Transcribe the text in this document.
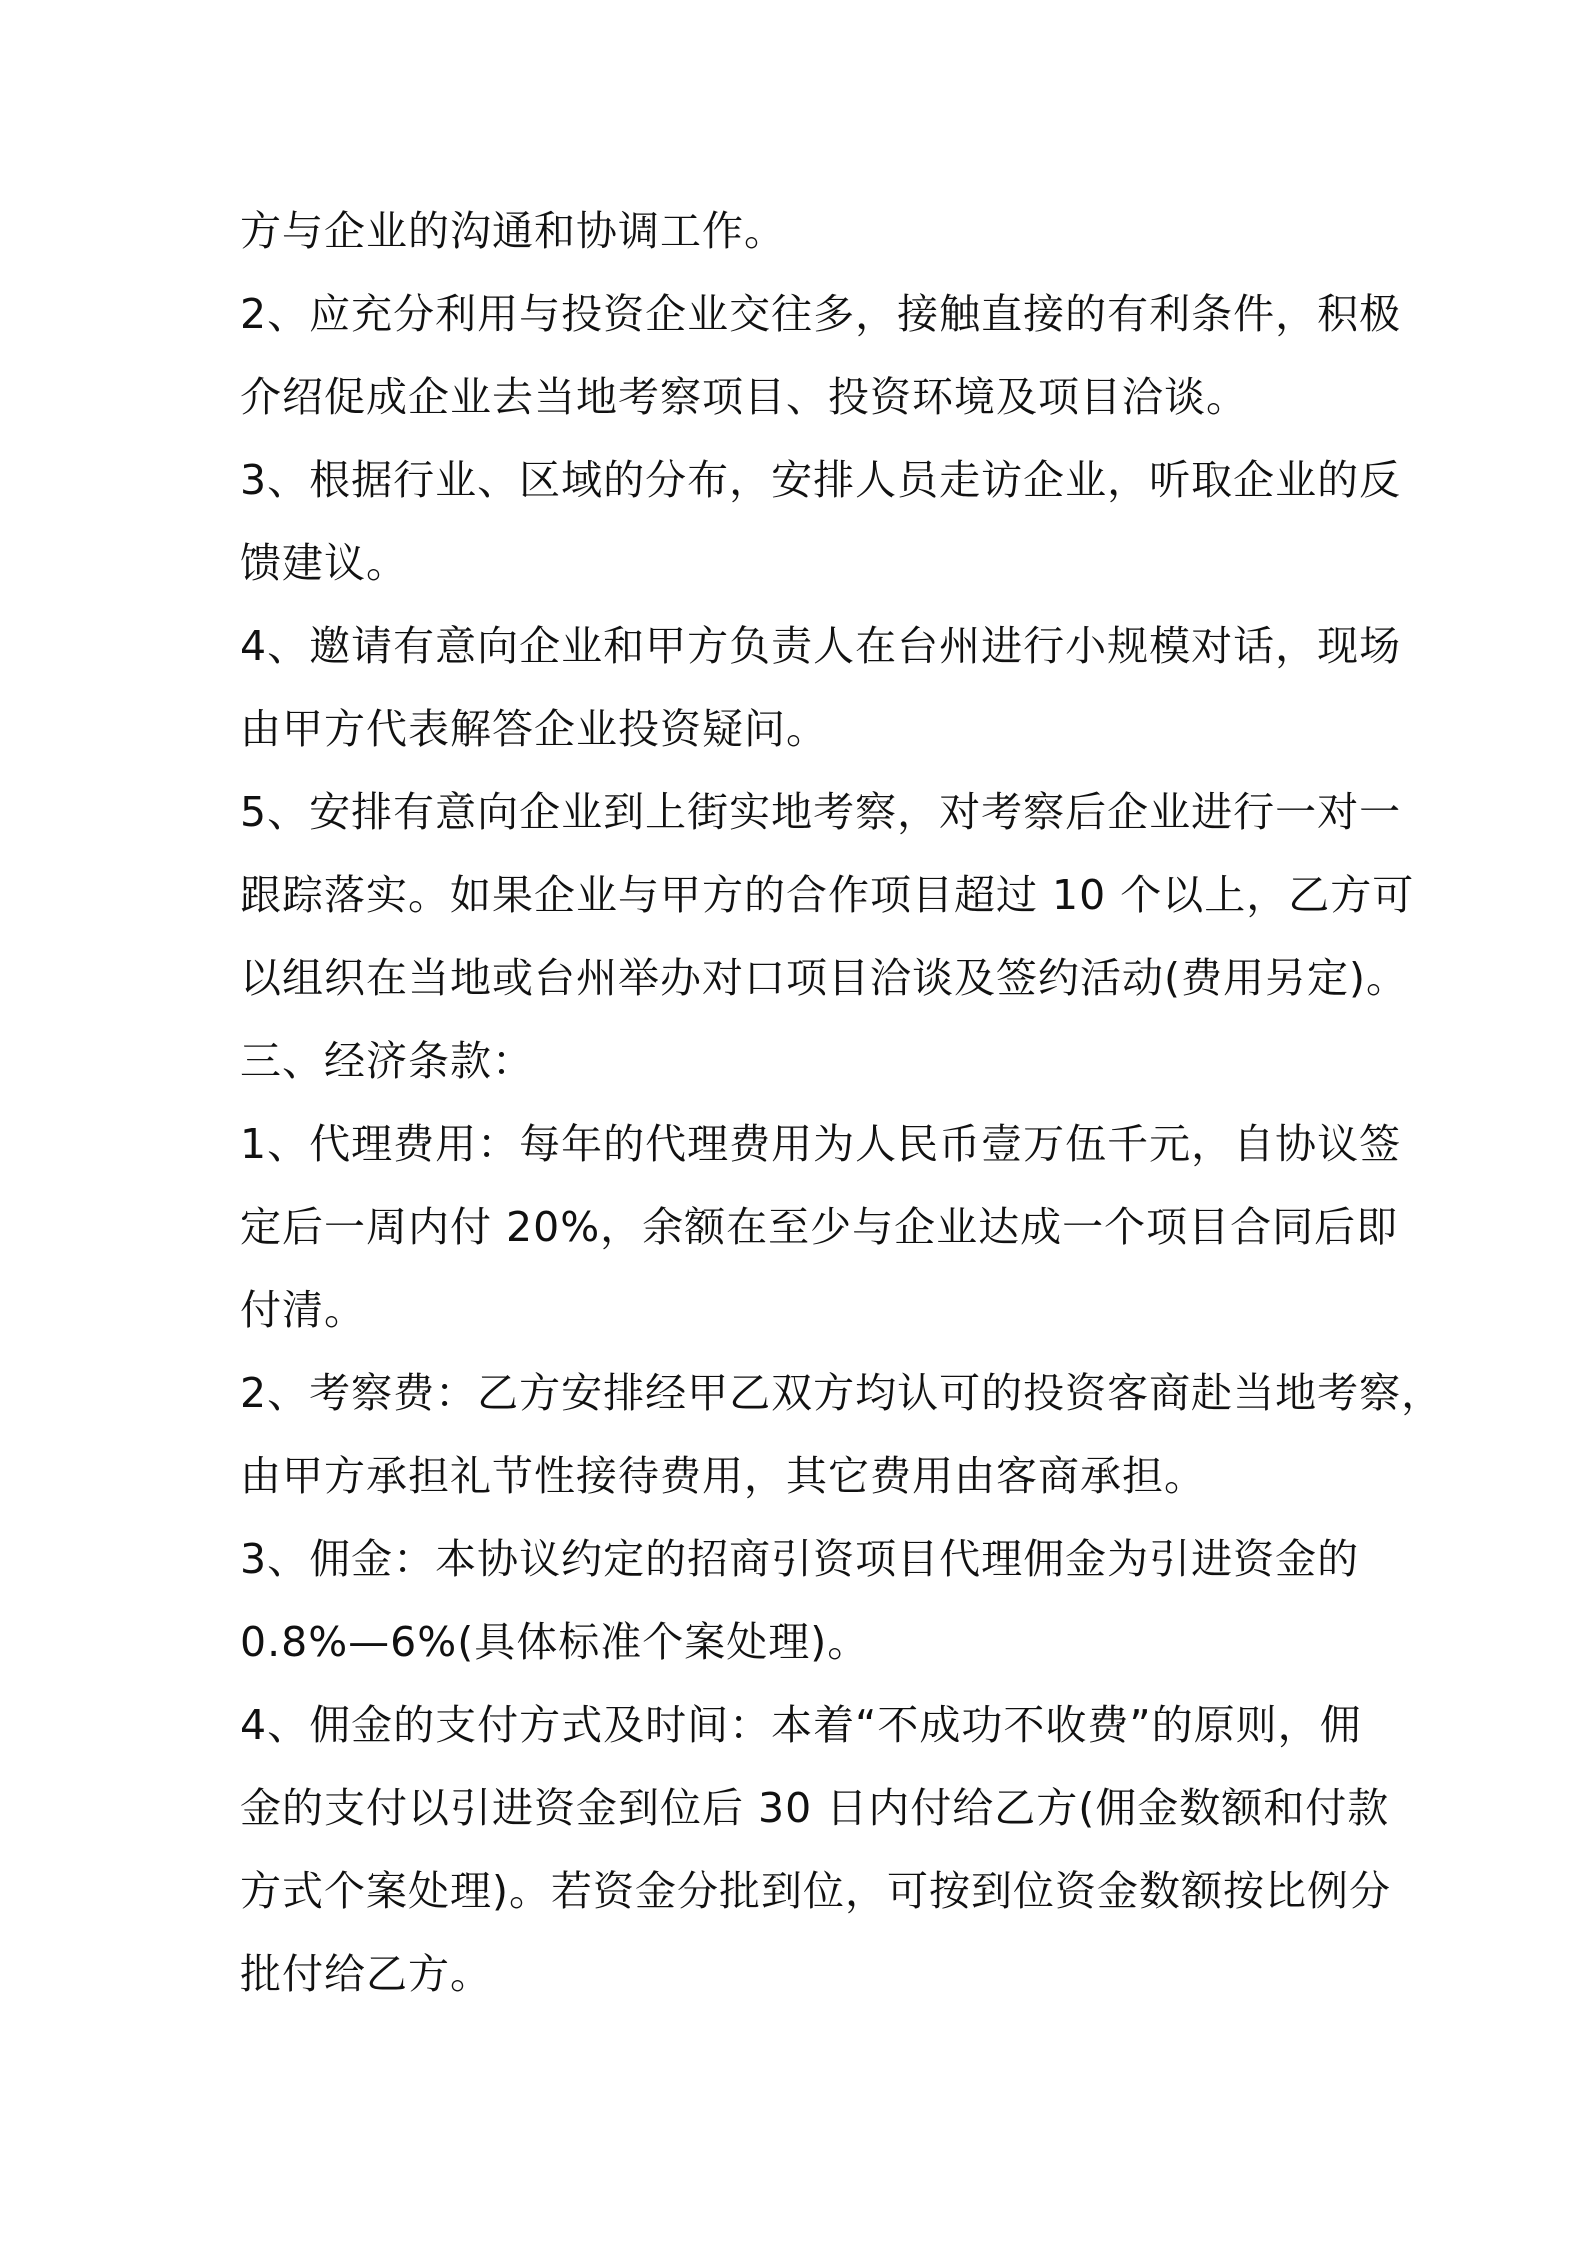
方与企业的沟通和协调工作。
2、应充分利用与投资企业交往多，接触直接的有利条件，积极
介绍促成企业去当地考察项目、投资环境及项目洽谈。
3、根据行业、区域的分布，安排人员走访企业，听取企业的反
馈建议。
4、邀请有意向企业和甲方负责人在台州进行小规模对话，现场
由甲方代表解答企业投资疑问。
5、安排有意向企业到上街实地考察，对考察后企业进行一对一
跟踪落实。如果企业与甲方的合作项目超过 10 个以上，乙方可
以组织在当地或台州举办对口项目洽谈及签约活动(费用另定)。
三、经济条款：
1、代理费用：每年的代理费用为人民币壹万伍千元，自协议签
定后一周内付 20%，余额在至少与企业达成一个项目合同后即
付清。
2、考察费：乙方安排经甲乙双方均认可的投资客商赴当地考察，
由甲方承担礼节性接待费用，其它费用由客商承担。
3、佣金：本协议约定的招商引资项目代理佣金为引进资金的
0.8%—6%(具体标准个案处理)。
4、佣金的支付方式及时间：本着“不成功不收费”的原则，佣
金的支付以引进资金到位后 30 日内付给乙方(佣金数额和付款
方式个案处理)。若资金分批到位，可按到位资金数额按比例分
批付给乙方。
